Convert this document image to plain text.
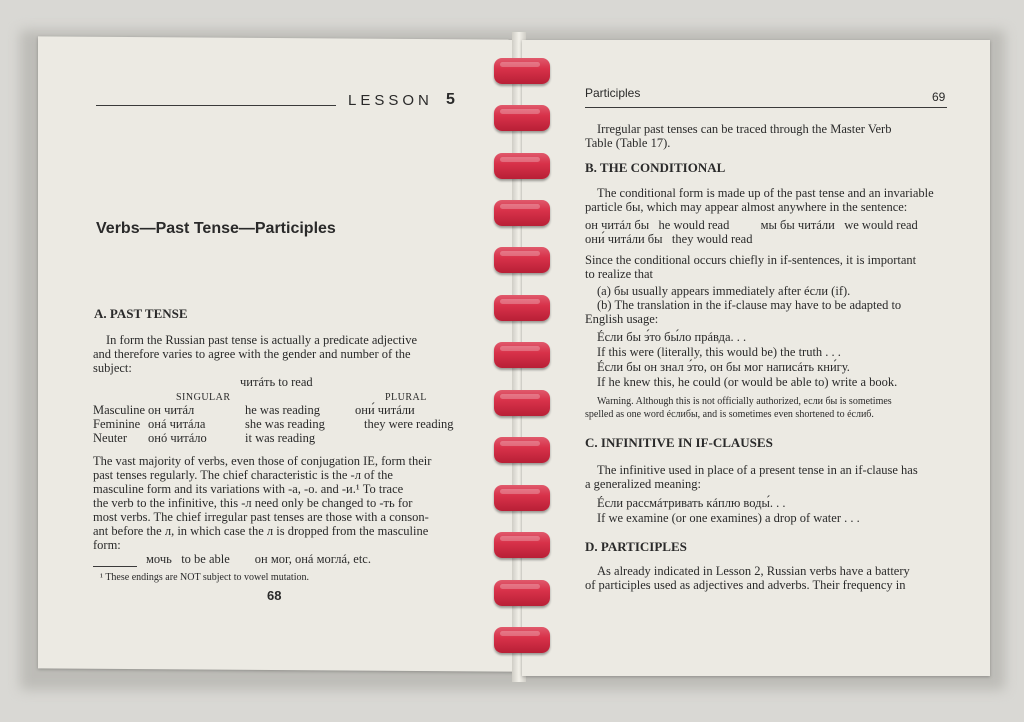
LESSON 5
Verbs—Past Tense—Participles
A. PAST TENSE
In form the Russian past tense is actually a predicate adjective
and therefore varies to agree with the gender and number of the
subject:
читáть to read
SINGULAR	PLURAL
Masculine он читáл	he was reading	они́ читáли
Feminine онá читáла	she was reading	they were reading
Neuter онó читáло	it was reading
The vast majority of verbs, even those of conjugation IE, form their
past tenses regularly. The chief characteristic is the -л of the
masculine form and its variations with -а, -о. and -и.¹ To trace
the verb to the infinitive, this -л need only be changed to -ть for
most verbs. The chief irregular past tenses are those with a conson-
ant before the л, in which case the л is dropped from the masculine
form:
мочь   to be able        он мог, онá моглá, etc.
¹ These endings are NOT subject to vowel mutation.
68
Participles	69
Irregular past tenses can be traced through the Master Verb
Table (Table 17).
B. THE CONDITIONAL
The conditional form is made up of the past tense and an invariable
particle бы, which may appear almost anywhere in the sentence:
он читáл бы   he would read          мы бы читáли   we would read
они́ читáли бы   they would read
Since the conditional occurs chiefly in if-sentences, it is important
to realize that
(a) бы usually appears immediately after éсли (if).
(b) The translation in the if-clause may have to be adapted to
English usage:
Éсли бы э́то бы́ло прáвда. . .
If this were (literally, this would be) the truth . . .
Éсли бы он знал э́то, он бы мог написáть кни́гу.
If he knew this, he could (or would be able to) write a book.
Warning. Although this is not officially authorized, если бы is sometimes
spelled as one word éслибы, and is sometimes even shortened to éслиб.
C. INFINITIVE IN IF-CLAUSES
The infinitive used in place of a present tense in an if-clause has
a generalized meaning:
Éсли рассмáтривать кáплю воды́. . .
If we examine (or one examines) a drop of water . . .
D. PARTICIPLES
As already indicated in Lesson 2, Russian verbs have a battery
of participles used as adjectives and adverbs. Their frequency in
